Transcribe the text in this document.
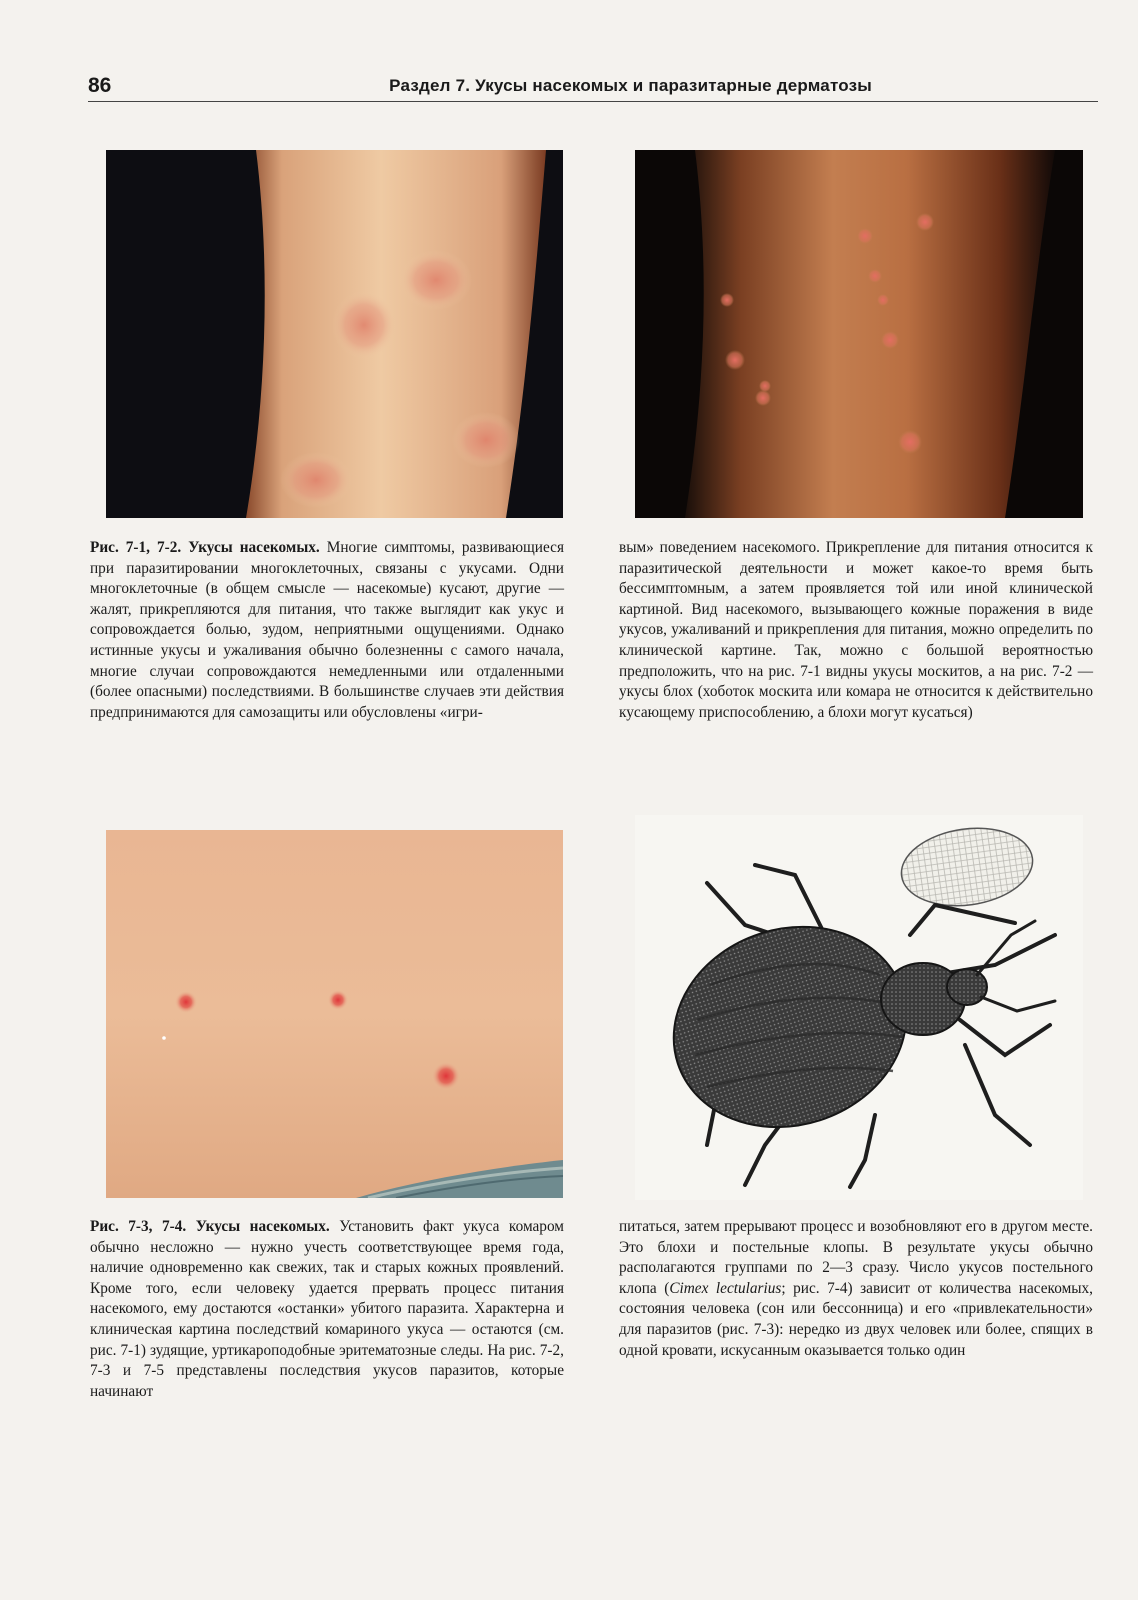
86	Раздел 7. Укусы насекомых и паразитарные дерматозы
Рис. 7-1, 7-2. Укусы насекомых. Многие симптомы, развивающиеся при паразитировании многоклеточных, связаны с укусами. Одни многоклеточные (в общем смысле — насекомые) кусают, другие — жалят, прикрепляются для питания, что также выглядит как укус и сопровождается болью, зудом, неприятными ощущениями. Однако истинные укусы и ужаливания обычно болезненны с самого начала, многие случаи сопровождаются немедленными или отдаленными (более опасными) последствиями. В большинстве случаев эти действия предпринимаются для самозащиты или обусловлены «игри-
вым» поведением насекомого. Прикрепление для питания относится к паразитической деятельности и может какое-то время быть бессимптомным, а затем проявляется той или иной клинической картиной. Вид насекомого, вызывающего кожные поражения в виде укусов, ужаливаний и прикрепления для питания, можно определить по клинической картине. Так, можно с большой вероятностью предположить, что на рис. 7-1 видны укусы москитов, а на рис. 7-2 — укусы блох (хоботок москита или комара не относится к действительно кусающему приспособлению, а блохи могут кусаться)
Рис. 7-3, 7-4. Укусы насекомых. Установить факт укуса комаром обычно несложно — нужно учесть соответствующее время года, наличие одновременно как свежих, так и старых кожных проявлений. Кроме того, если человеку удается прервать процесс питания насекомого, ему достаются «останки» убитого паразита. Характерна и клиническая картина последствий комариного укуса — остаются (см. рис. 7-1) зудящие, уртикароподобные эритематозные следы. На рис. 7-2, 7-3 и 7-5 представлены последствия укусов паразитов, которые начинают
питаться, затем прерывают процесс и возобновляют его в другом месте. Это блохи и постельные клопы. В результате укусы обычно располагаются группами по 2—3 сразу. Число укусов постельного клопа (Cimex lectularius; рис. 7-4) зависит от количества насекомых, состояния человека (сон или бессонница) и его «привлекательности» для паразитов (рис. 7-3): нередко из двух человек или более, спящих в одной кровати, искусанным оказывается только один
